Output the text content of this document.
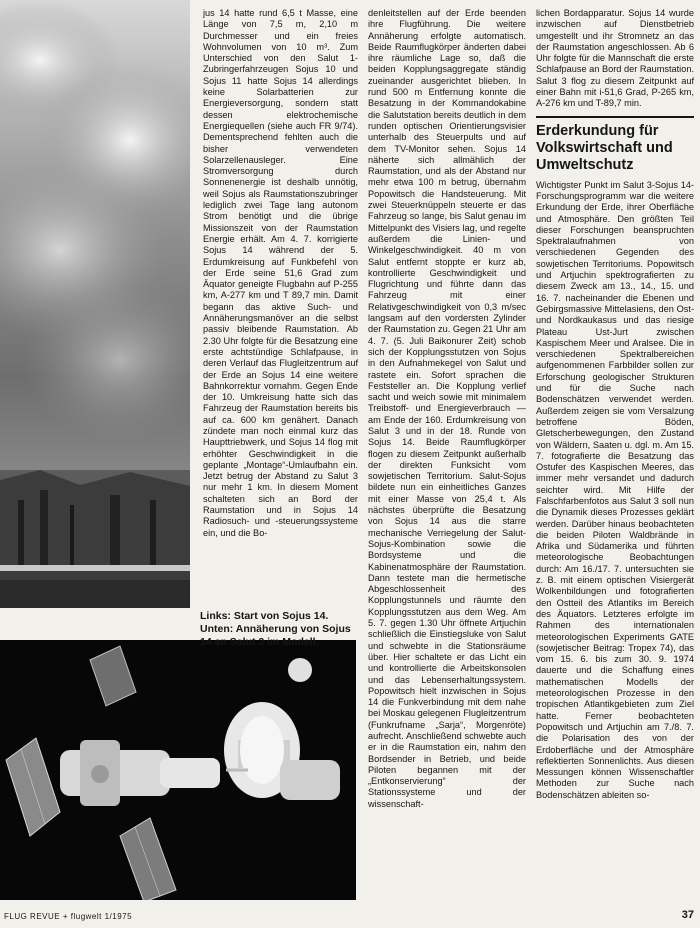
Links: Start von Sojus 14. Unten: Annäherung von Sojus 14 an Salut 3 im Modell.

jus 14 hatte rund 6,5 t Masse, eine Länge von 7,5 m, 2,10 m Durchmesser und ein freies Wohnvolumen von 10 m³. Zum Unterschied von den Salut 1-Zubringerfahrzeugen Sojus 10 und Sojus 11 hatte Sojus 14 allerdings keine Solarbatterien zur Energieversorgung, sondern statt dessen elektrochemische Energiequellen (siehe auch FR 9/74). Dementsprechend fehlten auch die bisher verwendeten Solarzellenausleger. Eine Stromversorgung durch Sonnenenergie ist deshalb unnötig, weil Sojus als Raumstationszubringer lediglich zwei Tage lang autonom Strom benötigt und die übrige Missionszeit von der Raumstation Energie erhält. Am 4. 7. korrigierte Sojus 14 während der 5. Erdumkreisung auf Funkbefehl von der Erde seine 51,6 Grad zum Äquator geneigte Flugbahn auf P-255 km, A-277 km und T 89,7 min. Damit begann das aktive Such- und Annäherungsmanöver an die selbst passiv bleibende Raumstation. Ab 2.30 Uhr folgte für die Besatzung eine erste achtstündige Schlafpause, in deren Verlauf das Flugleitzentrum auf der Erde an Sojus 14 eine weitere Bahnkorrektur vornahm. Gegen Ende der 10. Umkreisung hatte sich das Fahrzeug der Raumstation bereits bis auf ca. 600 km genähert. Danach zündete man noch einmal kurz das Haupttriebwerk, und Sojus 14 flog mit erhöhter Geschwindigkeit in die geplante „Montage“-Umlaufbahn ein. Jetzt betrug der Abstand zu Salut 3 nur mehr 1 km. In diesem Moment schalteten sich an Bord der Raumstation und in Sojus 14 Radiosuch- und -steuerungssysteme ein, und die Bo-

denleitstellen auf der Erde beenden ihre Flugführung. Die weitere Annäherung erfolgte automatisch. Beide Raumflugkörper änderten dabei ihre räumliche Lage so, daß die beiden Kopplungsaggregate ständig zueinander ausgerichtet blieben. In rund 500 m Entfernung konnte die Besatzung in der Kommandokabine die Salutstation bereits deutlich in dem runden optischen Orientierungsvisier unterhalb des Steuerpults und auf dem TV-Monitor sehen. Sojus 14 näherte sich allmählich der Raumstation, und als der Abstand nur mehr etwa 100 m betrug, übernahm Popowitsch die Handsteuerung. Mit zwei Steuerknüppeln steuerte er das Fahrzeug so lange, bis Salut genau im Mittelpunkt des Visiers lag, und regelte außerdem die Linien- und Winkelgeschwindigkeit. 40 m von Salut entfernt stoppte er kurz ab, kontrollierte Geschwindigkeit und Flugrichtung und führte dann das Fahrzeug mit einer Relativgeschwindigkeit von 0,3 m/sec langsam auf den vordersten Zylinder der Raumstation zu. Gegen 21 Uhr am 4. 7. (5. Juli Baikonurer Zeit) schob sich der Kopplungsstutzen von Sojus in den Aufnahmekegel von Salut und rastete ein. Sofort sprachen die Feststeller an. Die Kopplung verlief sacht und weich sowie mit minimalem Treibstoff- und Energieverbrauch — am Ende der 160. Erdumkreisung von Salut 3 und in der 18. Runde von Sojus 14. Beide Raumflugkörper flogen zu diesem Zeitpunkt außerhalb der direkten Funksicht vom sowjetischen Territorium. Salut-Sojus bildete nun ein einheitliches Ganzes mit einer Masse von 25,4 t. Als nächstes überprüfte die Besatzung von Sojus 14 aus die starre mechanische Verriegelung der Salut-Sojus-Kombination sowie die Bordsysteme und die Kabinenatmosphäre der Raumstation. Dann testete man die hermetische Abgeschlossenheit des Kopplungstunnels und räumte den Kopplungsstutzen aus dem Weg. Am 5. 7. gegen 1.30 Uhr öffnete Artjuchin schließlich die Einstiegsluke von Salut und schwebte in die Stationsräume über. Hier schaltete er das Licht ein und kontrollierte die Arbeitskonsolen und das Lebenserhaltungssystem. Popowitsch hielt inzwischen in Sojus 14 die Funkverbindung mit dem nahe bei Moskau gelegenen Flugleitzentrum (Funkrufname „Sarja“, Morgenröte) aufrecht. Anschließend schwebte auch er in die Raumstation ein, nahm den Bordsender in Betrieb, und beide Piloten begannen mit der „Entkonservierung“ der Stationssysteme und der wissenschaft-

lichen Bordapparatur. Sojus 14 wurde inzwischen auf Dienstbetrieb umgestellt und ihr Stromnetz an das der Raumstation angeschlossen. Ab 6 Uhr folgte für die Mannschaft die erste Schlafpause an Bord der Raumstation. Salut 3 flog zu diesem Zeitpunkt auf einer Bahn mit i-51,6 Grad, P-265 km, A-276 km und T-89,7 min.

Erderkundung für Volkswirtschaft und Umweltschutz

Wichtigster Punkt im Salut 3-Sojus 14-Forschungsprogramm war die weitere Erkundung der Erde, ihrer Oberfläche und Atmosphäre. Den größten Teil dieser Forschungen beanspruchten Spektralaufnahmen von verschiedenen Gegenden des sowjetischen Territoriums. Popowitsch und Artjuchin spektrografierten zu diesem Zweck am 13., 14., 15. und 16. 7. nacheinander die Ebenen und Gebirgsmassive Mittelasiens, den Ost- und Nordkaukasus und das riesige Plateau Ust-Jurt zwischen Kaspischem Meer und Aralsee. Die in verschiedenen Spektralbereichen aufgenommenen Farbbilder sollen zur Erforschung geologischer Strukturen und für die Suche nach Bodenschätzen verwendet werden. Außerdem zeigen sie vom Versalzung betroffene Böden, Gletscherbewegungen, den Zustand von Wäldern, Saaten u. dgl. m. Am 15. 7. fotografierte die Besatzung das Ostufer des Kaspischen Meeres, das immer mehr versandet und dadurch seichter wird. Mit Hilfe der Falschfarbenfotos aus Salut 3 soll nun die Dynamik dieses Prozesses geklärt werden. Darüber hinaus beobachteten die beiden Piloten Waldbrände in Afrika und Südamerika und führten meteorologische Beobachtungen durch: Am 16./17. 7. untersuchten sie z. B. mit einem optischen Visiergerät Wolkenbildungen und fotografierten den Ostteil des Atlantiks im Bereich des Äquators. Letzteres erfolgte im Rahmen des internationalen meteorologischen Experiments GATE (sowjetischer Beitrag: Tropex 74), das vom 15. 6. bis zum 30. 9. 1974 dauerte und die Schaffung eines mathematischen Modells der meteorologischen Prozesse in den tropischen Atlantikgebieten zum Ziel hatte. Ferner beobachteten Popowitsch und Artjuchin am 7./8. 7. die Polarisation des von der Erdoberfläche und der Atmosphäre reflektierten Sonnenlichts. Aus diesen Messungen können Wissenschaftler Methoden zur Suche nach Bodenschätzen ableiten so-

FLUG REVUE + flugwelt 1/1975	37
